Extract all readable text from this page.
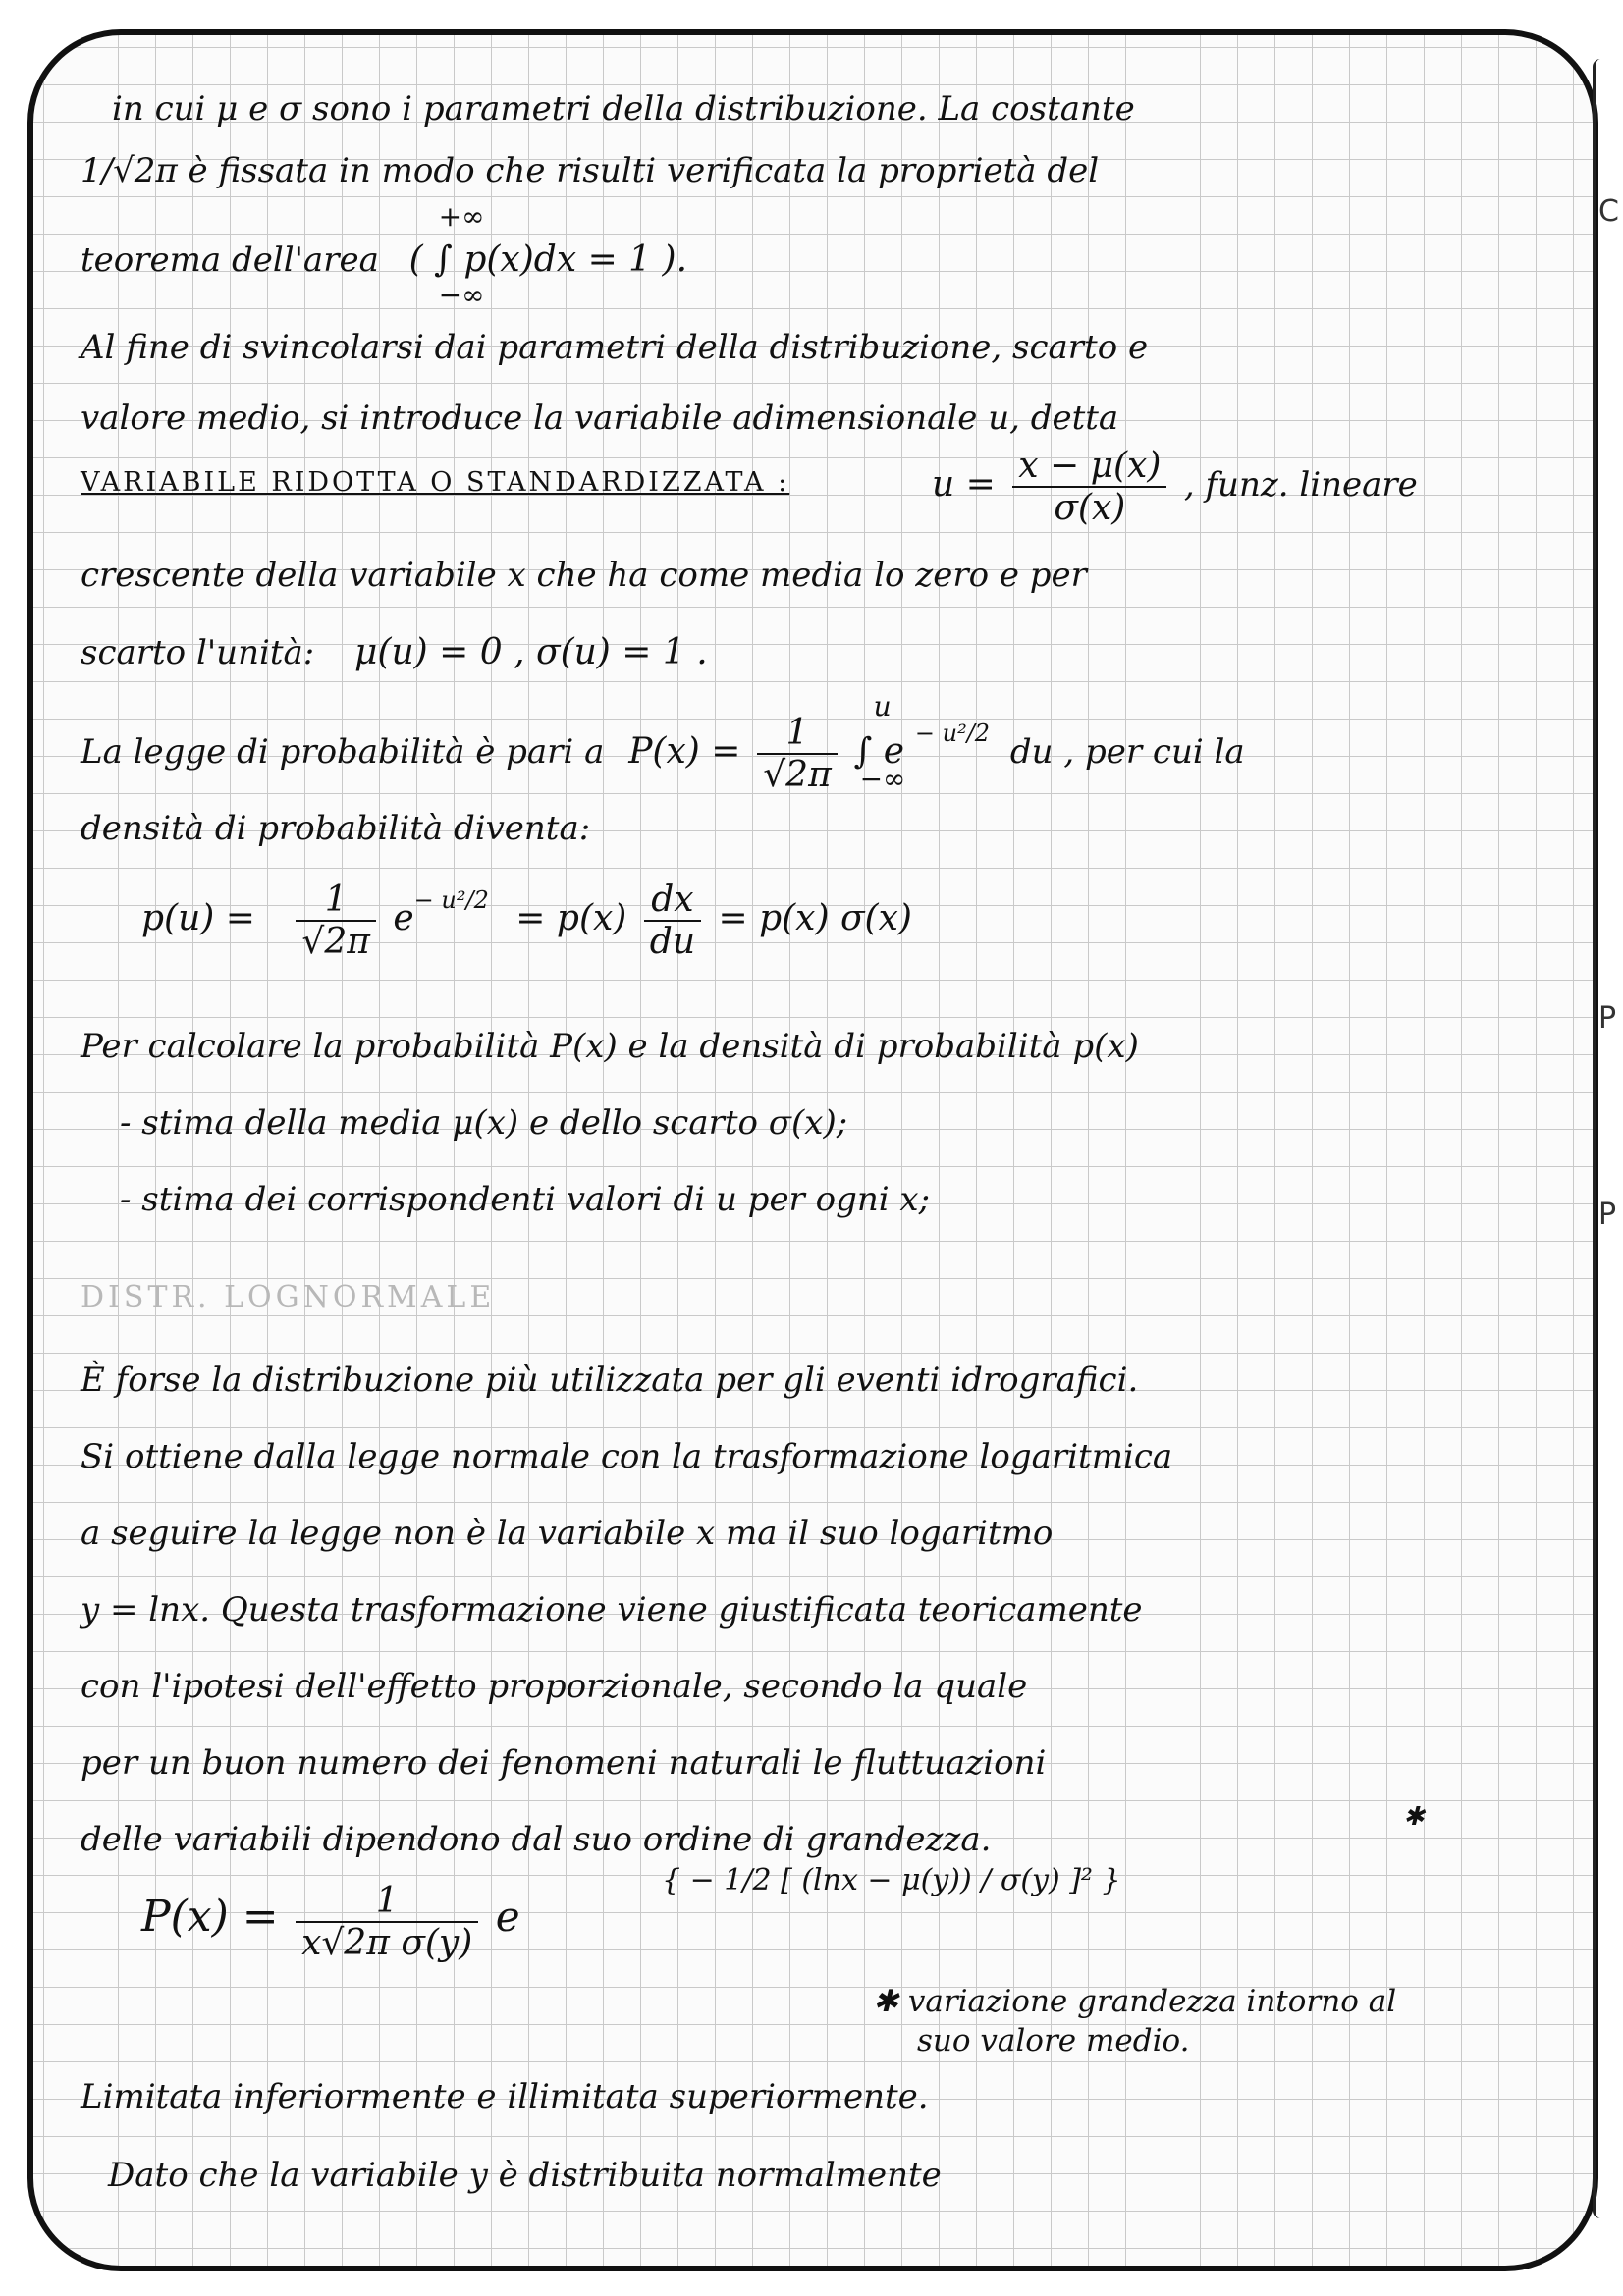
in cui μ e σ sono i parametri della distribuzione. La costante
1/√2π è fissata in modo che risulti verificata la proprietà del
teorema dell'area
+∞
−∞
( ∫ p(x)dx = 1 ).
Al fine di svincolarsi dai parametri della distribuzione, scarto e
valore medio, si introduce la variabile adimensionale u, detta
VARIABILE RIDOTTA O STANDARDIZZATA :	$u = \frac{x - \mu(x)}{\sigma(x)}$ , funz. lineare
crescente della variabile x che ha come media lo zero e per
scarto l'unità: μ(u) = 0 , σ(u) = 1 .
La legge di probabilità è pari a $P(x) = \frac{1}{√2\pi}$

u
−∞
∫ e $^{- u^2/2}$ du , per cui la
densità di probabilità diventa:
$p(u) = \frac{1}{√2\pi} e^{- u^2/2} = p(x) \frac{dx}{du} = p(x)$ σ(x)
Per calcolare la probabilità P(x) e la densità di probabilità p(x)
- stima della media μ(x) e dello scarto σ(x);
- stima dei corrispondenti valori di u per ogni x;
DISTR. LOGNORMALE
È forse la distribuzione più utilizzata per gli eventi idrografici.
Si ottiene dalla legge normale con la trasformazione logaritmica
a seguire la legge non è la variabile x ma il suo logaritmo
y = lnx. Questa trasformazione viene giustificata teoricamente
con l'ipotesi dell'effetto proporzionale, secondo la quale
per un buon numero dei fenomeni naturali le fluttuazioni
delle variabili dipendono dal suo ordine di grandezza.
✱
$P(x) = \frac{1}{\text{x√2π σ(y)}}$ e
{ − 1/2 [ (lnx − μ(y)) / σ(y) ]² }
✱ variazione grandezza intorno al
suo valore medio.
Limitata inferiormente e illimitata superiormente.
Dato che la variabile y è distribuita normalmente
C
P
P
